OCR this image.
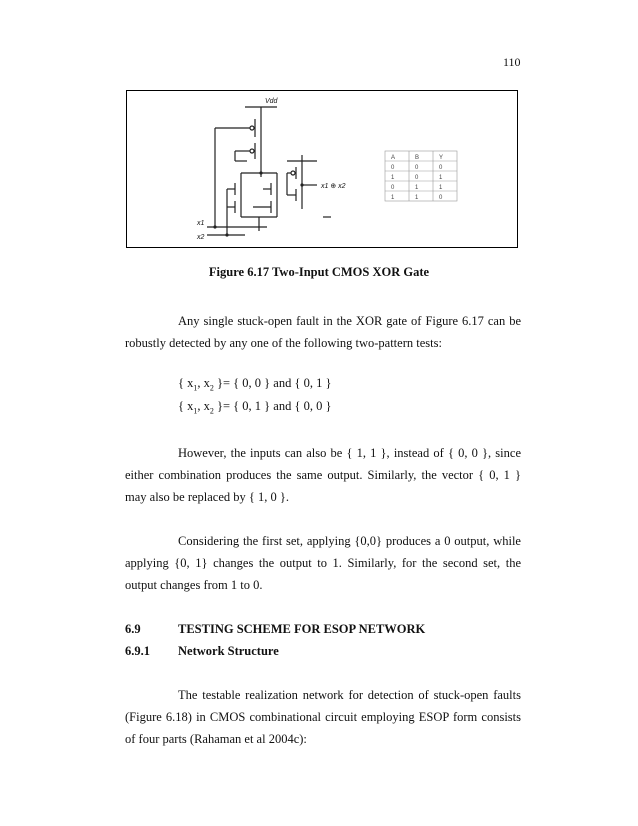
110
Vdd
x1
x2
x1 ⊕ x2
A	B	Y
0	0	0
1	0	1
0	1	1
1	1	0
Figure 6.17 Two-Input CMOS XOR Gate
Any single stuck-open fault in the XOR gate of Figure 6.17 can be robustly detected by any one of the following two-pattern tests:
{ $x_1$, $x_2$ }= { 0, 0 } and { 0, 1 }
{ $x_1$, $x_2$ }= { 0, 1 } and { 0, 0 }
However, the inputs can also be { 1, 1 }, instead of { 0, 0 }, since either combination produces the same output. Similarly, the vector { 0, 1 } may also be replaced by { 1, 0 }.
Considering the first set, applying {0,0} produces a 0 output, while applying {0, 1} changes the output to 1. Similarly, for the second set, the output changes from 1 to 0.
6.9	TESTING SCHEME FOR ESOP NETWORK
6.9.1 Network Structure
The testable realization network for detection of stuck-open faults (Figure 6.18) in CMOS combinational circuit employing ESOP form consists of four parts (Rahaman et al 2004c):
